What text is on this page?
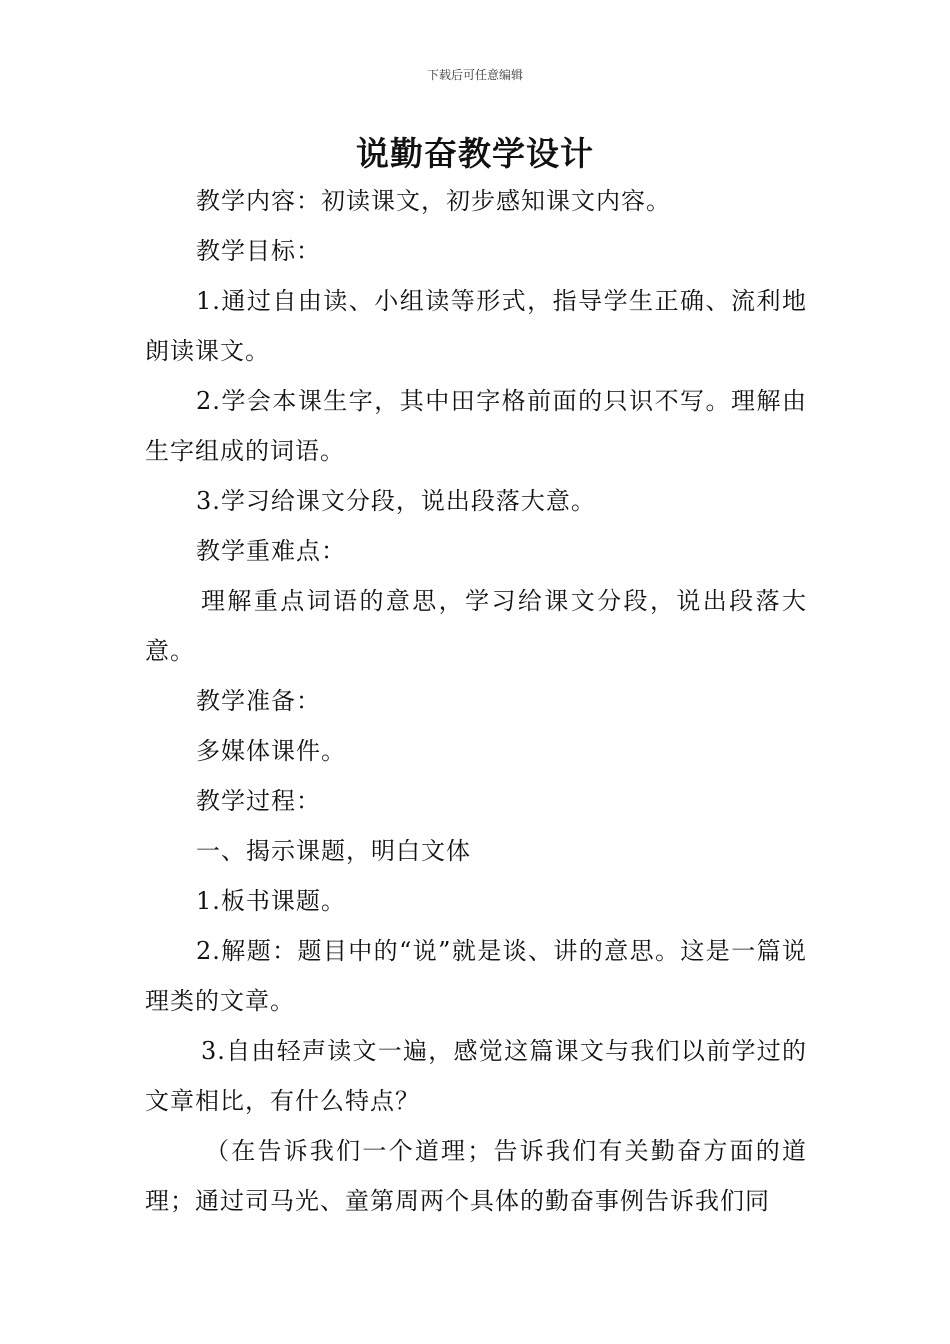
下载后可任意编辑
说勤奋教学设计

教学内容：初读课文，初步感知课文内容。

教学目标：

1.通过自由读、小组读等形式，指导学生正确、流利地朗读课文。

2.学会本课生字，其中田字格前面的只识不写。理解由生字组成的词语。

3.学习给课文分段，说出段落大意。

教学重难点：

理解重点词语的意思，学习给课文分段，说出段落大意。

教学准备：

多媒体课件。

教学过程：

一、揭示课题，明白文体

1.板书课题。

2.解题：题目中的“说”就是谈、讲的意思。这是一篇说理类的文章。

3.自由轻声读文一遍，感觉这篇课文与我们以前学过的文章相比，有什么特点？

（在告诉我们一个道理；告诉我们有关勤奋方面的道理；通过司马光、童第周两个具体的勤奋事例告诉我们同
